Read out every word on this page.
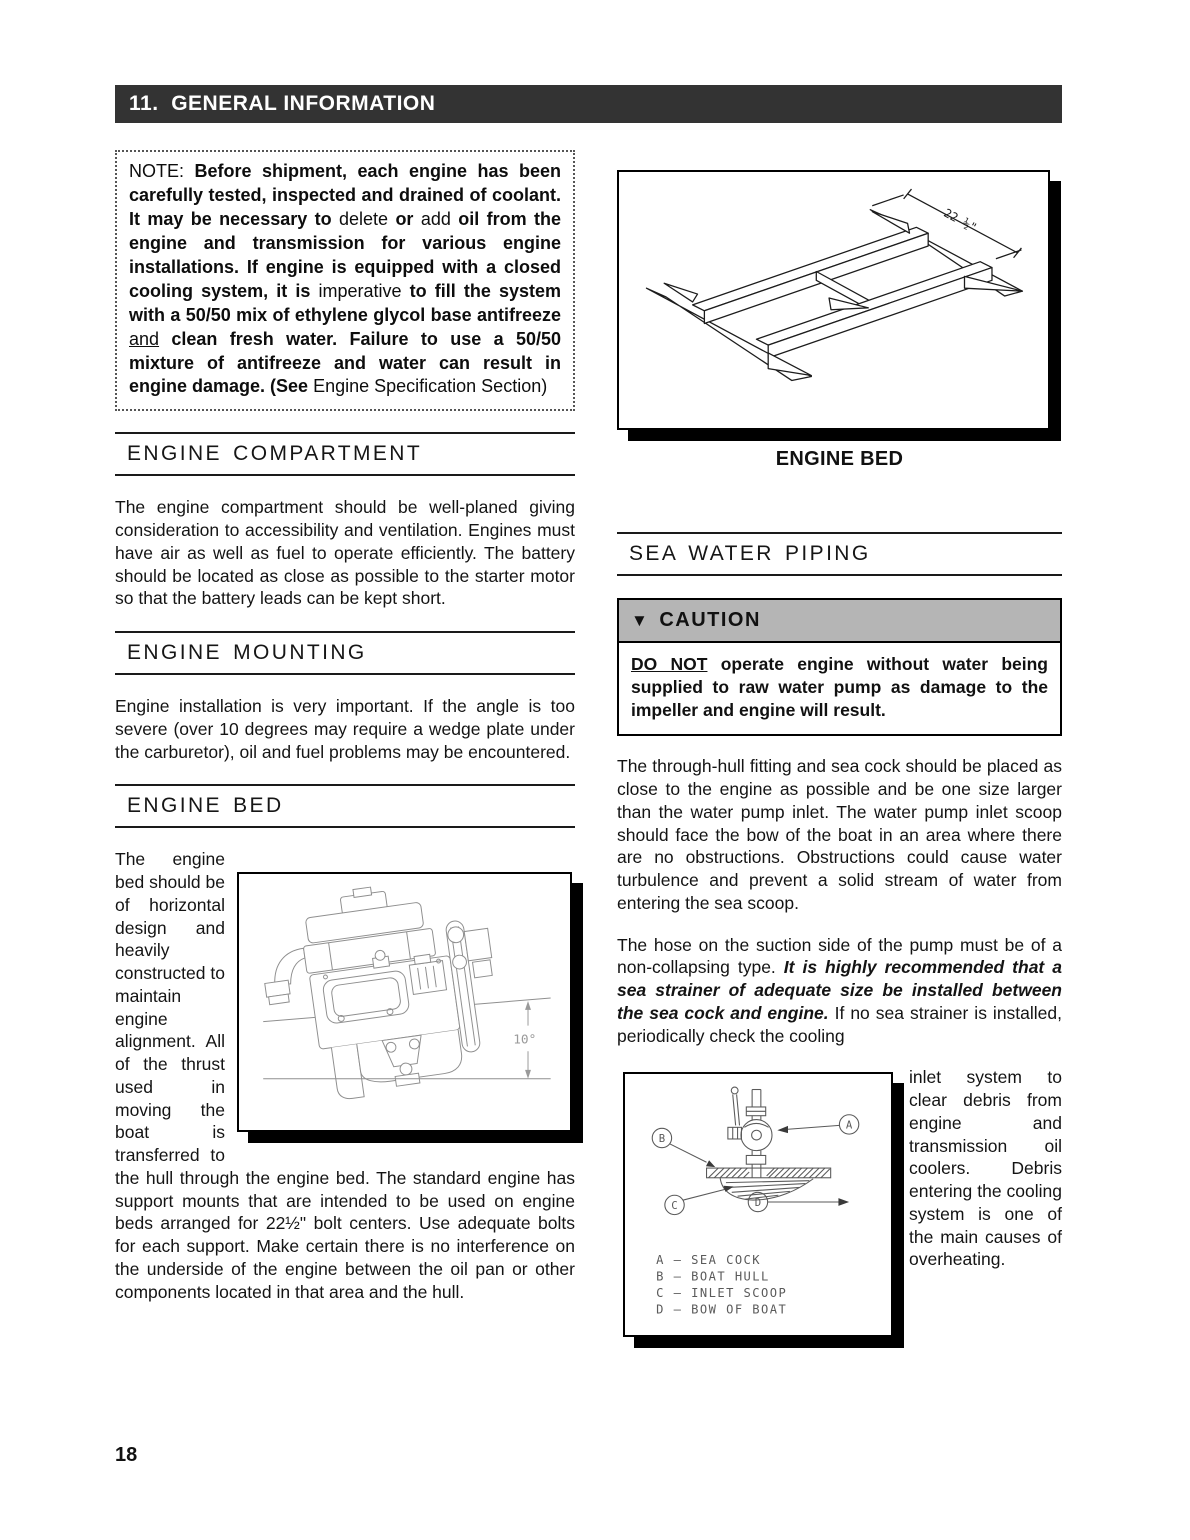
11.  GENERAL INFORMATION
NOTE: Before shipment, each engine has been carefully tested, inspected and drained of coolant. It may be necessary to delete or add oil from the engine and transmission for various engine installations. If engine is equipped with a closed cooling system, it is imperative to fill the system with a 50/50 mix of ethylene glycol base antifreeze and clean fresh water. Failure to use a 50/50 mixture of antifreeze and water can result in engine damage. (See Engine Specification Section)
ENGINE COMPARTMENT
The engine compartment should be well-planed giving consideration to accessibility and ventilation. Engines must have air as well as fuel to operate efficiently. The battery should be located as close as possible to the starter motor so that the battery leads can be kept short.
ENGINE MOUNTING
Engine installation is very important. If the angle is too severe (over 10 degrees may require a wedge plate under the carburetor), oil and fuel problems may be encountered.
ENGINE BED
10°
The engine bed should be of horizontal design and heavily constructed to maintain engine alignment. All of the thrust used in moving the boat is transferred to the hull through the engine bed. The standard engine has support mounts that are intended to be used on engine beds arranged for 22½" bolt centers. Use adequate bolts for each support. Make certain there is no interference on the underside of the engine between the oil pan or other components located in that area and the hull.
22 ½"
ENGINE BED
SEA WATER PIPING
▼ CAUTION
DO NOT operate engine without water being supplied to raw water pump as damage to the impeller and engine will result.
The through-hull fitting and sea cock should be placed as close to the engine as possible and be one size larger than the water pump inlet. The water pump inlet scoop should face the bow of the boat in an area where there are no obstructions. Obstructions could cause water turbulence and prevent a solid stream of water from entering the sea scoop.
The hose on the suction side of the pump must be of a non-collapsing type. It is highly recommended that a sea strainer of adequate size be installed between the sea cock and engine. If no sea strainer is installed, periodically check the cooling
A
B
C	D
A — SEA COCK
B — BOAT HULL
C — INLET SCOOP
D — BOW OF BOAT
inlet system to clear debris from engine and transmission oil coolers. Debris entering the cooling system is one of the main causes of overheating.
18
